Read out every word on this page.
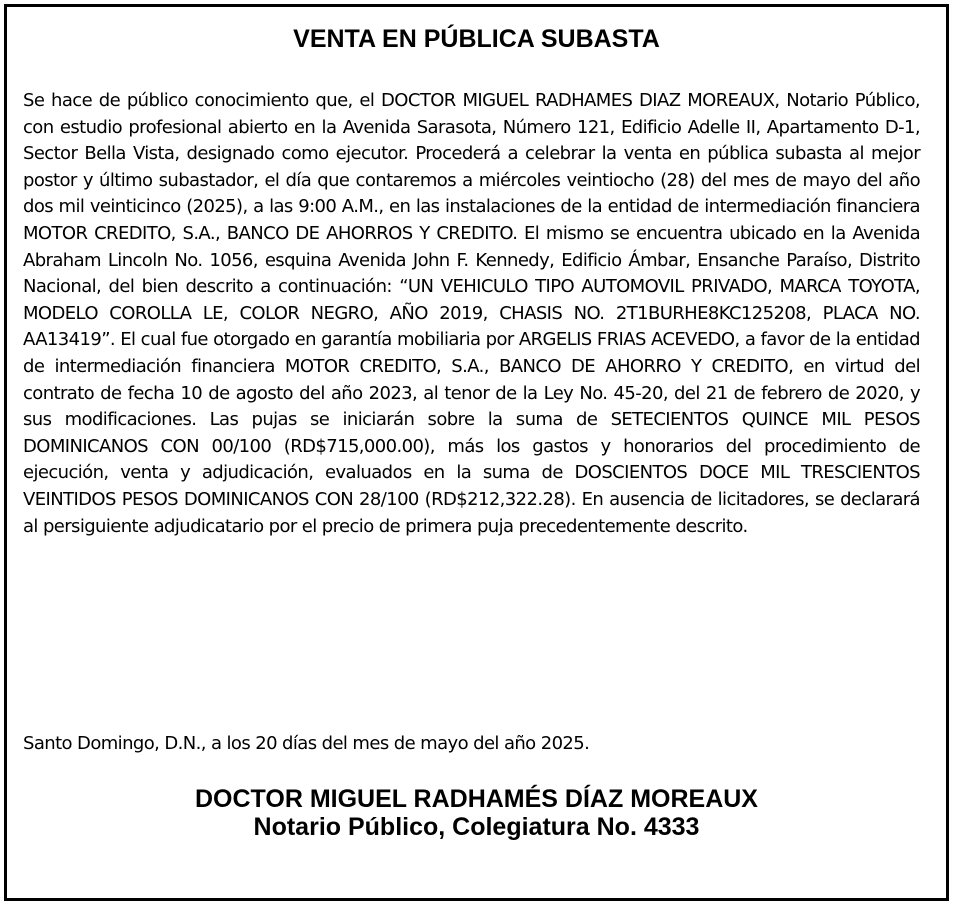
VENTA EN PÚBLICA SUBASTA

Se hace de público conocimiento que, el DOCTOR MIGUEL RADHAMES DIAZ MOREAUX, Notario Público, con estudio profesional abierto en la Avenida Sarasota, Número 121, Edificio Adelle II, Apartamento D-1, Sector Bella Vista, designado como ejecutor. Procederá a celebrar la venta en pública subasta al mejor postor y último subastador, el día que contaremos a miércoles veintiocho (28) del mes de mayo del año dos mil veinticinco (2025), a las 9:00 A.M., en las instalaciones de la entidad de intermediación financiera MOTOR CREDITO, S.A., BANCO DE AHORROS Y CREDITO. El mismo se encuentra ubicado en la Avenida Abraham Lincoln No. 1056, esquina Avenida John F. Kennedy, Edificio Ámbar, Ensanche Paraíso, Distrito Nacional, del bien descrito a continuación: “UN VEHICULO TIPO AUTOMOVIL PRIVADO, MARCA TOYOTA, MODELO COROLLA LE, COLOR NEGRO, AÑO 2019, CHASIS NO. 2T1BURHE8KC125208, PLACA NO. AA13419”. El cual fue otorgado en garantía mobiliaria por ARGELIS FRIAS ACEVEDO, a favor de la entidad de intermediación financiera MOTOR CREDITO, S.A., BANCO DE AHORRO Y CREDITO, en virtud del contrato de fecha 10 de agosto del año 2023, al tenor de la Ley No. 45-20, del 21 de febrero de 2020, y sus modificaciones. Las pujas se iniciarán sobre la suma de SETECIENTOS QUINCE MIL PESOS DOMINICANOS CON 00/100 (RD$715,000.00), más los gastos y honorarios del procedimiento de ejecución, venta y adjudicación, evaluados en la suma de DOSCIENTOS DOCE MIL TRESCIENTOS VEINTIDOS PESOS DOMINICANOS CON 28/100 (RD$212,322.28). En ausencia de licitadores, se declarará al persiguiente adjudicatario por el precio de primera puja precedentemente descrito.

Santo Domingo, D.N., a los 20 días del mes de mayo del año 2025.

DOCTOR MIGUEL RADHAMÉS DÍAZ MOREAUX

Notario Público, Colegiatura No. 4333
